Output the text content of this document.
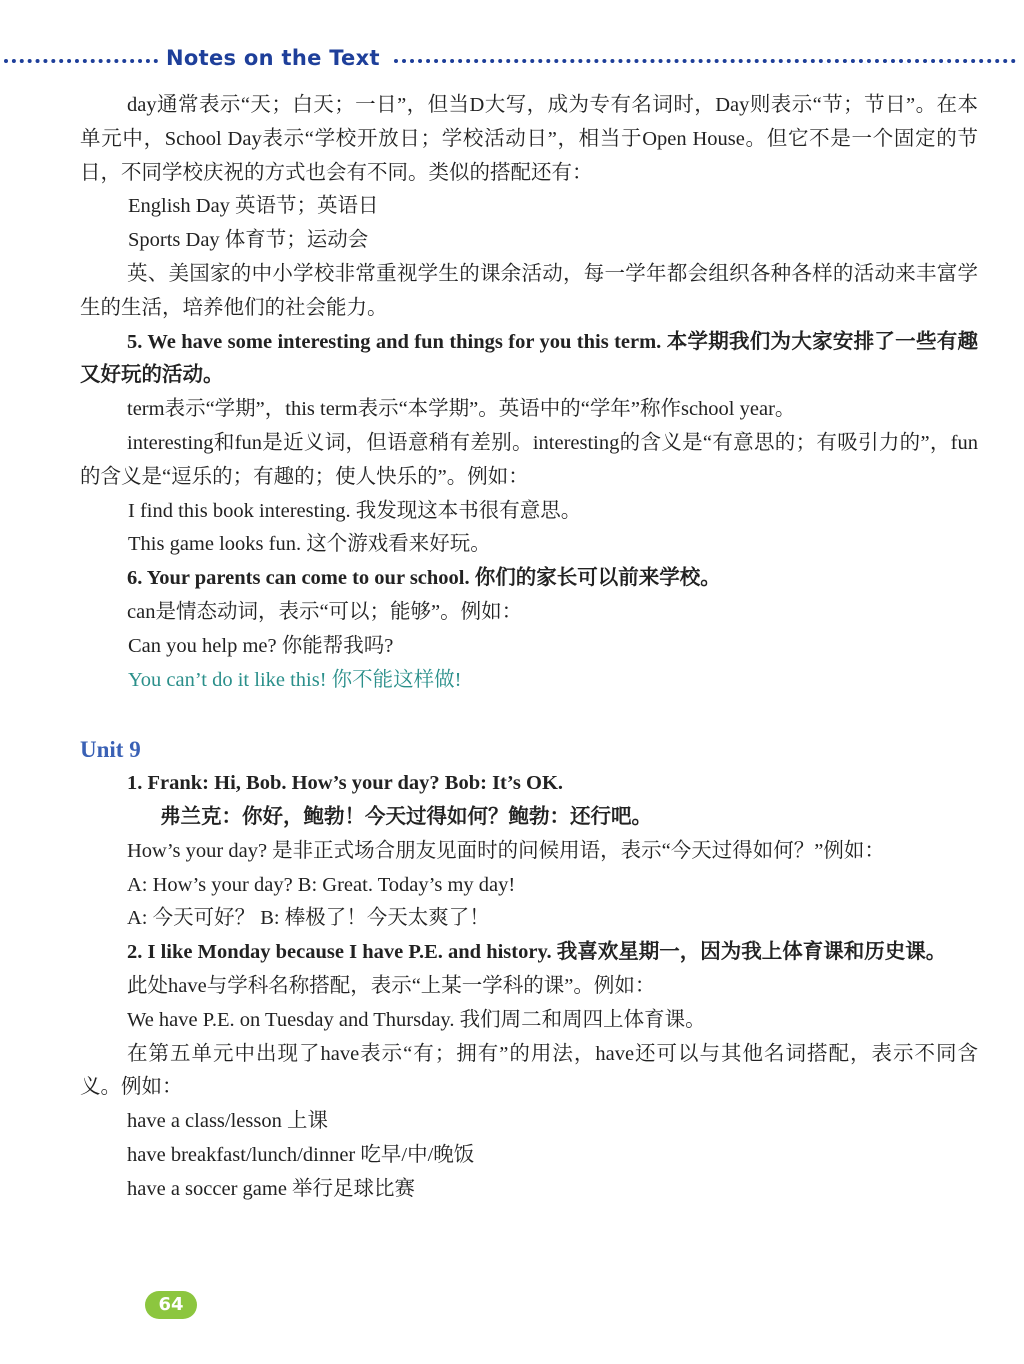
Notes on the Text

day通常表示“天；白天；一日”，但当D大写，成为专有名词时，Day则表示“节；节日”。在本单元中，School Day表示“学校开放日；学校活动日”，相当于Open House。但它不是一个固定的节日，不同学校庆祝的方式也会有不同。类似的搭配还有：

English Day 英语节；英语日

Sports Day 体育节；运动会

英、美国家的中小学校非常重视学生的课余活动，每一学年都会组织各种各样的活动来丰富学生的生活，培养他们的社会能力。

5. We have some interesting and fun things for you this term. 本学期我们为大家安排了一些有趣又好玩的活动。

term表示“学期”，this term表示“本学期”。英语中的“学年”称作school year。

interesting和fun是近义词，但语意稍有差别。interesting的含义是“有意思的；有吸引力的”，fun的含义是“逗乐的；有趣的；使人快乐的”。例如：

I find this book interesting. 我发现这本书很有意思。

This game looks fun. 这个游戏看来好玩。

6. Your parents can come to our school. 你们的家长可以前来学校。

can是情态动词，表示“可以；能够”。例如：

Can you help me? 你能帮我吗?

You can’t do it like this! 你不能这样做!

Unit 9

1. Frank: Hi, Bob. How’s your day? Bob: It’s OK.

弗兰克：你好，鲍勃！今天过得如何？鲍勃：还行吧。

How’s your day? 是非正式场合朋友见面时的问候用语，表示“今天过得如何？”例如：

A: How’s your day? B: Great. Today’s my day!

A: 今天可好？ B: 棒极了！今天太爽了！

2. I like Monday because I have P.E. and history. 我喜欢星期一，因为我上体育课和历史课。

此处have与学科名称搭配，表示“上某一学科的课”。例如：

We have P.E. on Tuesday and Thursday. 我们周二和周四上体育课。

在第五单元中出现了have表示“有；拥有”的用法，have还可以与其他名词搭配，表示不同含义。例如：

have a class/lesson 上课

have breakfast/lunch/dinner 吃早/中/晚饭

have a soccer game 举行足球比赛

64
